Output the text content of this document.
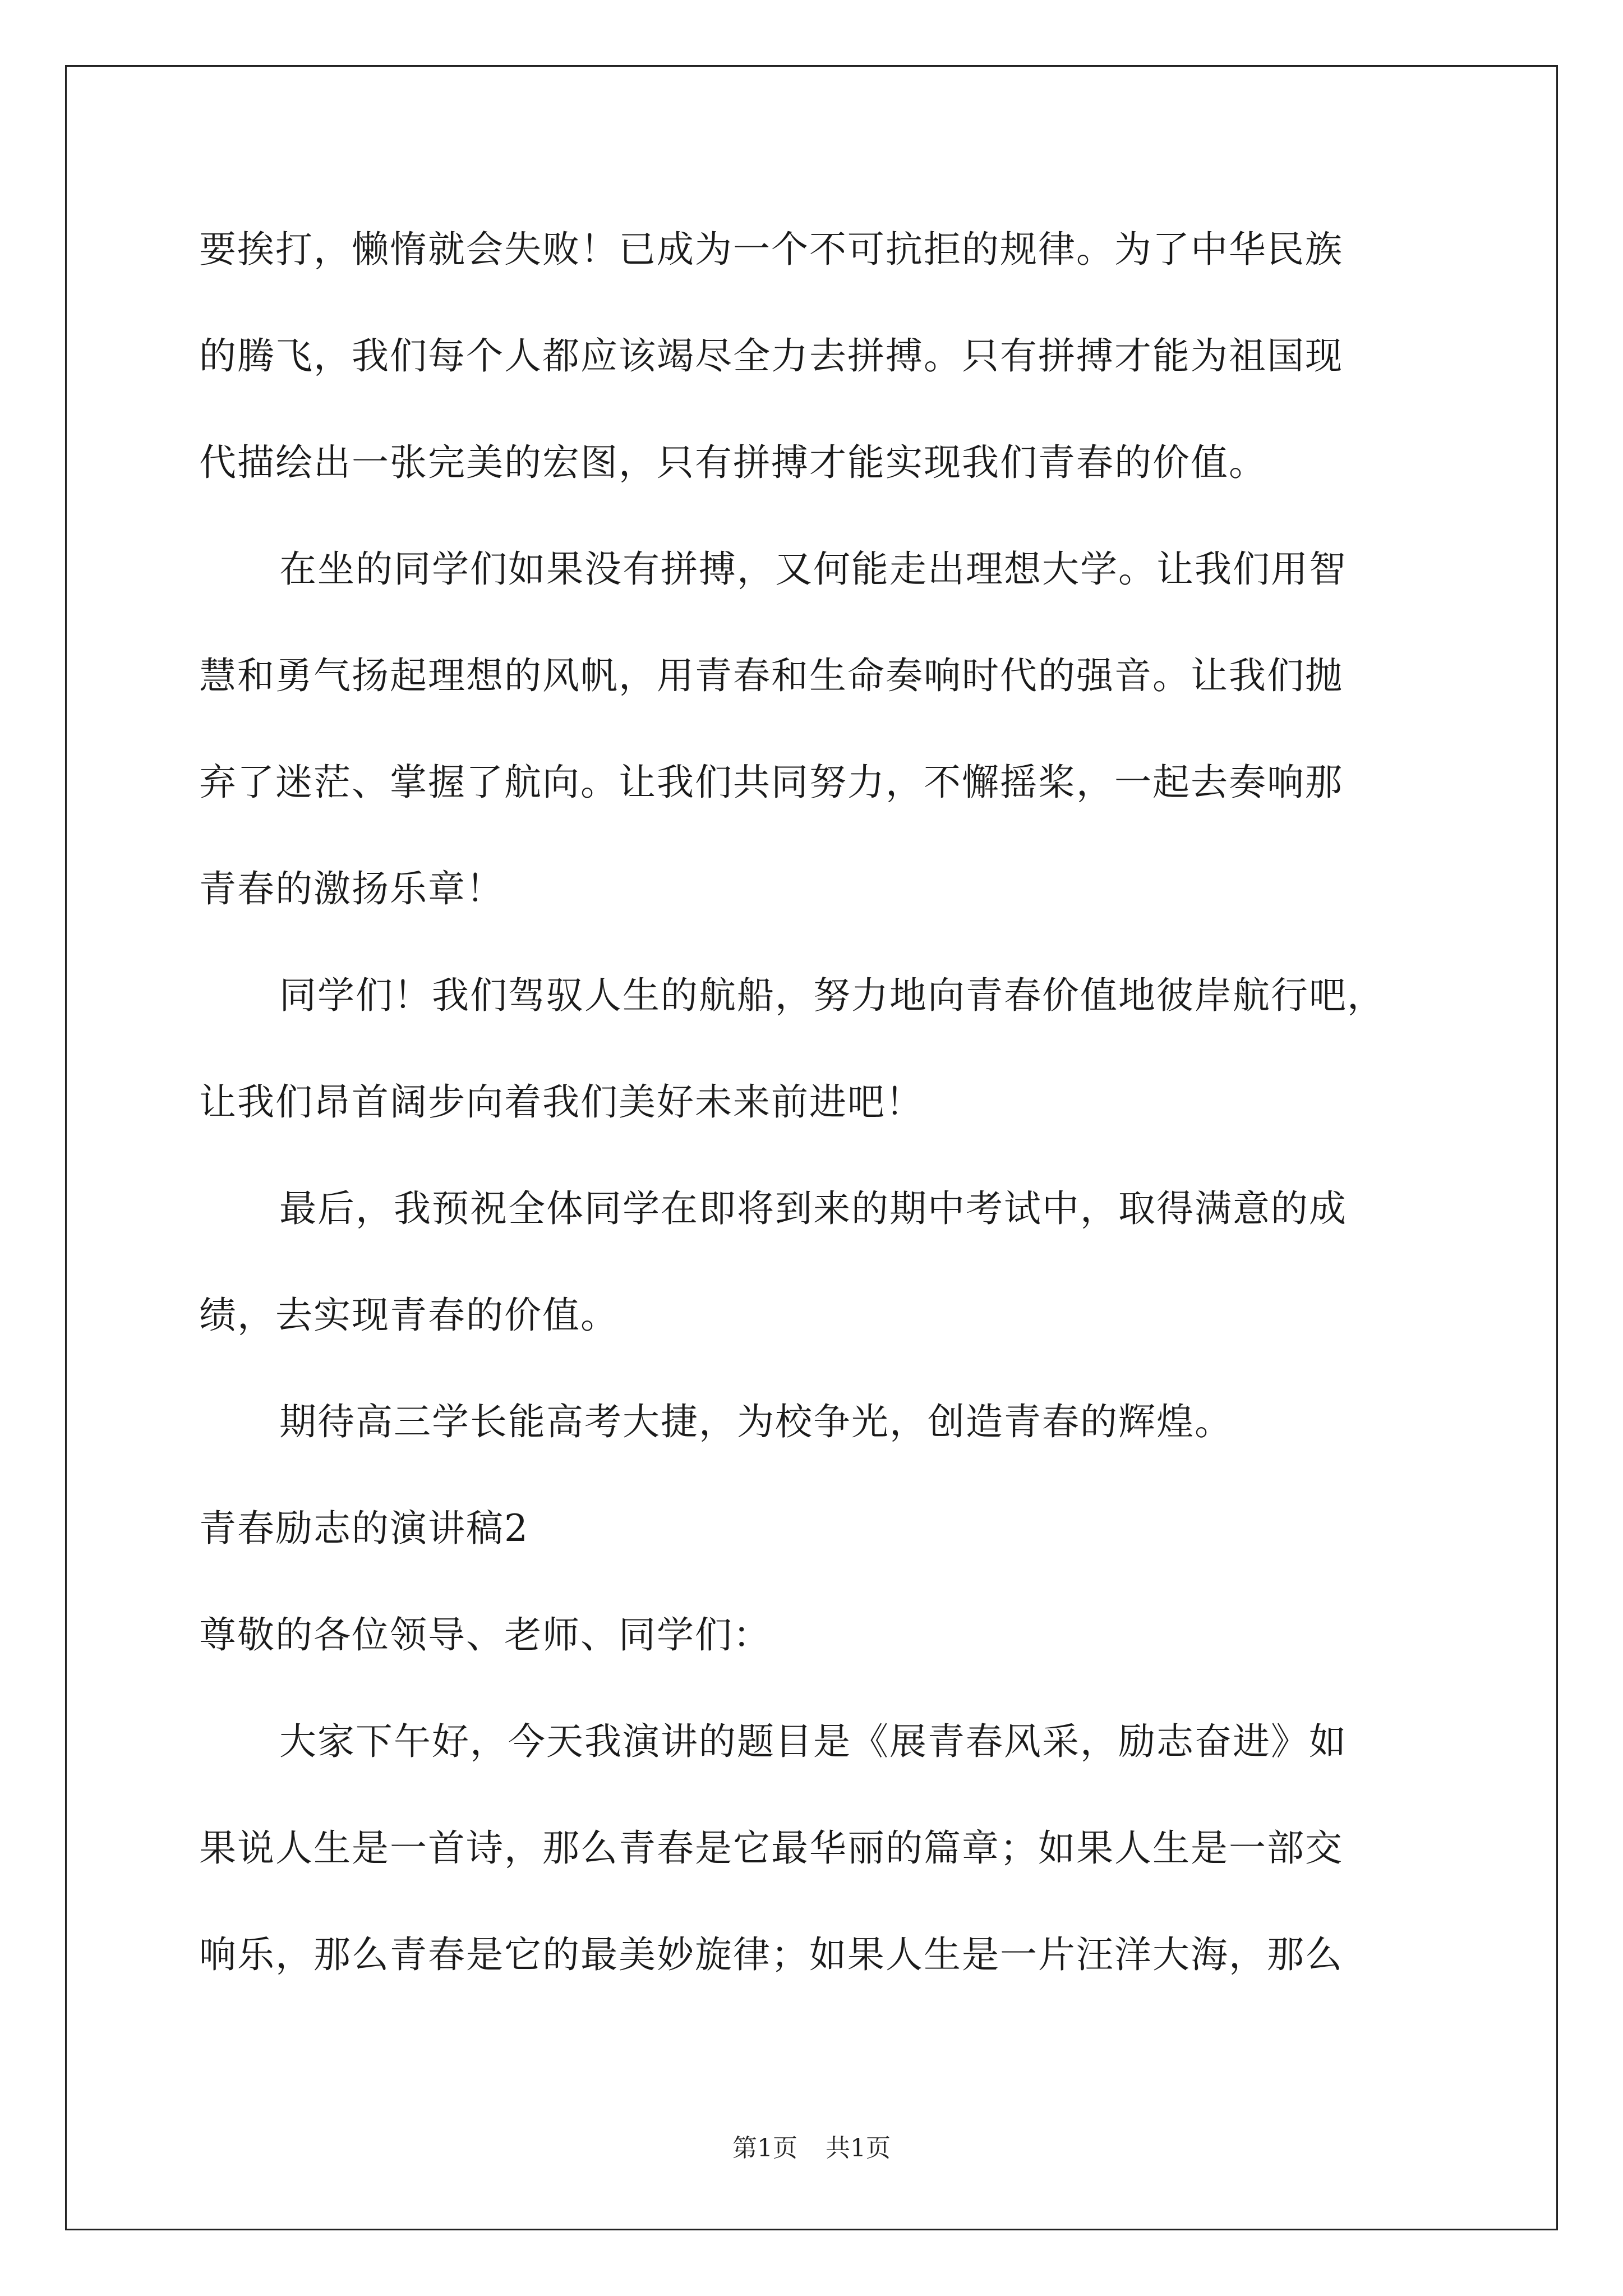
要挨打，懒惰就会失败！已成为一个不可抗拒的规律。为了中华民族
的腾飞，我们每个人都应该竭尽全力去拼搏。只有拼搏才能为祖国现
代描绘出一张完美的宏图，只有拼搏才能实现我们青春的价值。
在坐的同学们如果没有拼搏，又何能走出理想大学。让我们用智
慧和勇气扬起理想的风帆，用青春和生命奏响时代的强音。让我们抛
弃了迷茫、掌握了航向。让我们共同努力，不懈摇桨，一起去奏响那
青春的激扬乐章！
同学们！我们驾驭人生的航船，努力地向青春价值地彼岸航行吧，
让我们昂首阔步向着我们美好未来前进吧！
最后，我预祝全体同学在即将到来的期中考试中，取得满意的成
绩，去实现青春的价值。
期待高三学长能高考大捷，为校争光，创造青春的辉煌。
青春励志的演讲稿2
尊敬的各位领导、老师、同学们：
大家下午好，今天我演讲的题目是《展青春风采，励志奋进》如
果说人生是一首诗，那么青春是它最华丽的篇章；如果人生是一部交
响乐，那么青春是它的最美妙旋律；如果人生是一片汪洋大海，那么
第1页 共1页
